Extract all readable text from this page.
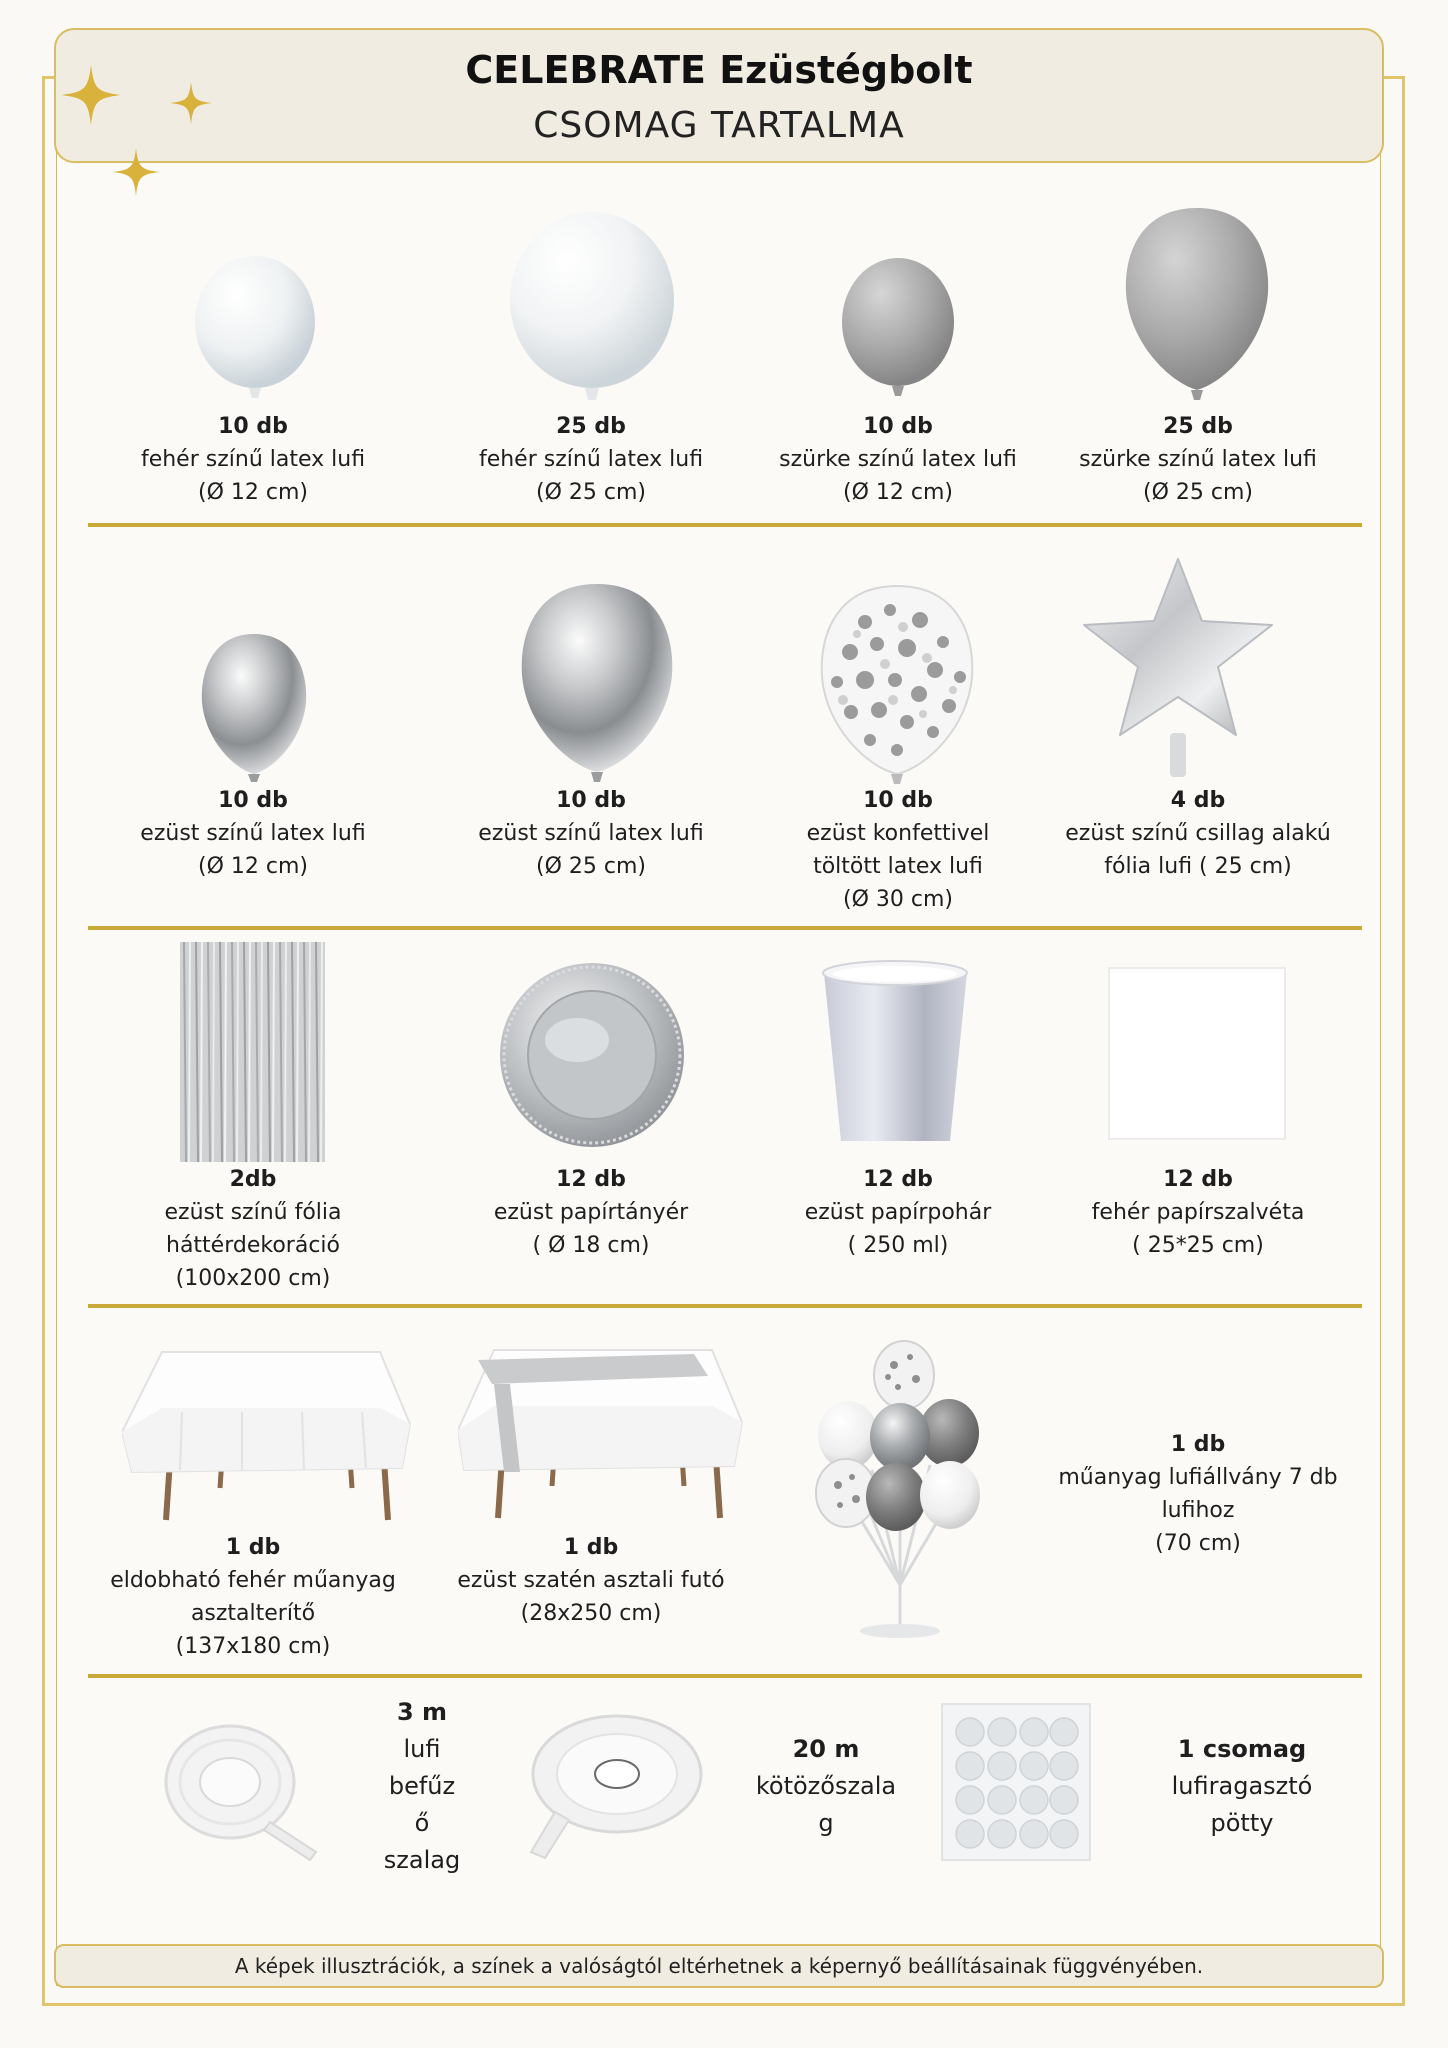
CELEBRATE Ezüstégbolt
CSOMAG TARTALMA
10 db
fehér színű latex lufi
(Ø 12 cm)
25 db
fehér színű latex lufi
(Ø 25 cm)
10 db
szürke színű latex lufi
(Ø 12 cm)
25 db
szürke színű latex lufi
(Ø 25 cm)
10 db
ezüst színű latex lufi
(Ø 12 cm)
10 db
ezüst színű latex lufi
(Ø 25 cm)
10 db
ezüst konfettivel
töltött latex lufi
(Ø 30 cm)
4 db
ezüst színű csillag alakú
fólia lufi ( 25 cm)
2db
ezüst színű fólia
háttérdekoráció
(100x200 cm)
12 db
ezüst papírtányér
( Ø 18 cm)
12 db
ezüst papírpohár
( 250 ml)
12 db
fehér papírszalvéta
( 25*25 cm)
1 db
eldobható fehér műanyag
asztalterítő
(137x180 cm)
1 db
ezüst szatén asztali futó
(28x250 cm)
1 db
műanyag lufiállvány 7 db
lufihoz
(70 cm)
3 m
lufi
befűz
ő
szalag
20 m
kötözőszala
g
1 csomag
lufiragasztó
pötty
A képek illusztrációk, a színek a valóságtól eltérhetnek a képernyő beállításainak függvényében.
